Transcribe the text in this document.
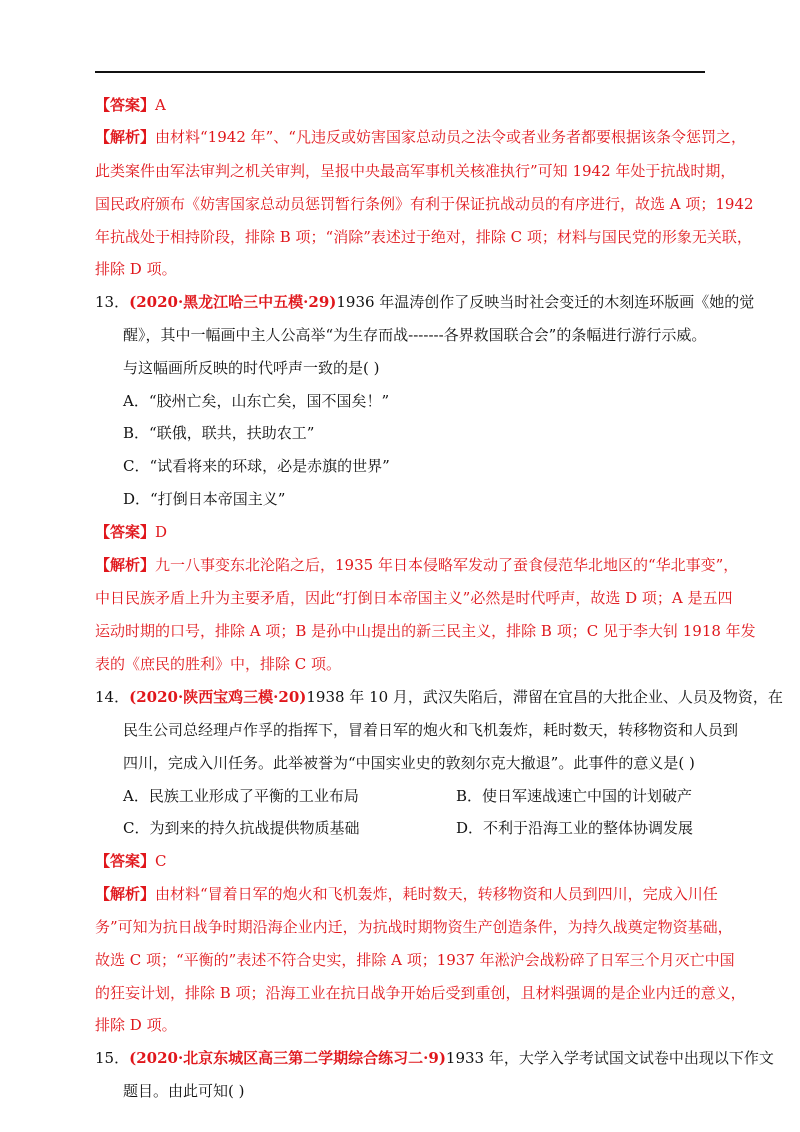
【答案】A
【解析】由材料“1942 年”、“凡违反或妨害国家总动员之法令或者业务者都要根据该条令惩罚之，
此类案件由军法审判之机关审判，呈报中央最高军事机关核准执行”可知 1942 年处于抗战时期，
国民政府颁布《妨害国家总动员惩罚暂行条例》有利于保证抗战动员的有序进行，故选 A 项；1942
年抗战处于相持阶段，排除 B 项；“消除”表述过于绝对，排除 C 项；材料与国民党的形象无关联，
排除 D 项。
13．(2020·黑龙江哈三中五模·29)1936 年温涛创作了反映当时社会变迁的木刻连环版画《她的觉
醒》，其中一幅画中主人公高举“为生存而战-------各界救国联合会”的条幅进行游行示威。
与这幅画所反映的时代呼声一致的是( )
A．“胶州亡矣，山东亡矣，国不国矣！”
B．“联俄，联共，扶助农工”
C．“试看将来的环球，必是赤旗的世界”
D．“打倒日本帝国主义”
【答案】D
【解析】九一八事变东北沦陷之后，1935 年日本侵略军发动了蚕食侵范华北地区的“华北事变”，
中日民族矛盾上升为主要矛盾，因此“打倒日本帝国主义”必然是时代呼声，故选 D 项；A 是五四
运动时期的口号，排除 A 项；B 是孙中山提出的新三民主义，排除 B 项；C 见于李大钊 1918 年发
表的《庶民的胜利》中，排除 C 项。
14．(2020·陕西宝鸡三模·20)1938 年 10 月，武汉失陷后，滞留在宜昌的大批企业、人员及物资，在
民生公司总经理卢作孚的指挥下，冒着日军的炮火和飞机轰炸，耗时数天，转移物资和人员到
四川，完成入川任务。此举被誉为“中国实业史的敦刻尔克大撤退”。此事件的意义是( )
A．民族工业形成了平衡的工业布局	B．使日军速战速亡中国的计划破产
C．为到来的持久抗战提供物质基础	D．不利于沿海工业的整体协调发展
【答案】C
【解析】由材料“冒着日军的炮火和飞机轰炸，耗时数天，转移物资和人员到四川，完成入川任
务”可知为抗日战争时期沿海企业内迁，为抗战时期物资生产创造条件，为持久战奠定物资基础，
故选 C 项；“平衡的”表述不符合史实，排除 A 项；1937 年淞沪会战粉碎了日军三个月灭亡中国
的狂妄计划，排除 B 项；沿海工业在抗日战争开始后受到重创，且材料强调的是企业内迁的意义，
排除 D 项。
15．(2020·北京东城区高三第二学期综合练习二·9)1933 年，大学入学考试国文试卷中出现以下作文
题目。由此可知( )
